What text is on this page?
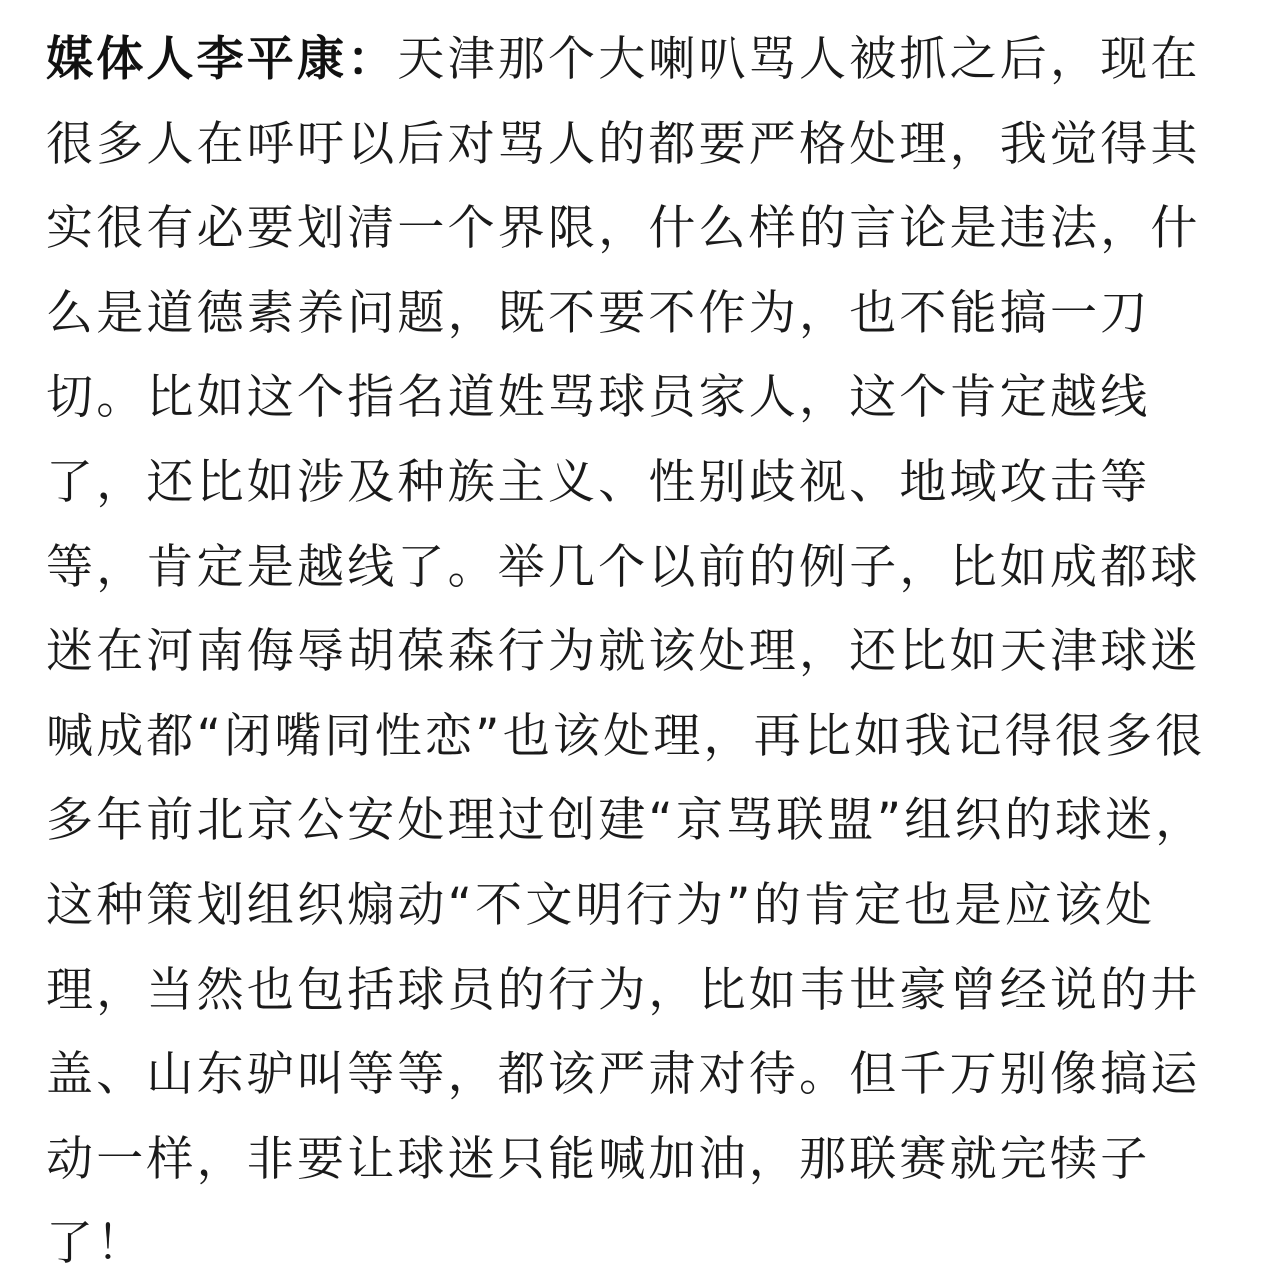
媒体人李平康：天津那个大喇叭骂人被抓之后，现在很多人在呼吁以后对骂人的都要严格处理，我觉得其实很有必要划清一个界限，什么样的言论是违法，什么是道德素养问题，既不要不作为，也不能搞一刀切。比如这个指名道姓骂球员家人，这个肯定越线了，还比如涉及种族主义、性别歧视、地域攻击等等，肯定是越线了。举几个以前的例子，比如成都球迷在河南侮辱胡葆森行为就该处理，还比如天津球迷喊成都“闭嘴同性恋”也该处理，再比如我记得很多很多年前北京公安处理过创建“京骂联盟”组织的球迷，这种策划组织煽动“不文明行为”的肯定也是应该处理，当然也包括球员的行为，比如韦世豪曾经说的井盖、山东驴叫等等，都该严肃对待。但千万别像搞运动一样，非要让球迷只能喊加油，那联赛就完犊子了！
